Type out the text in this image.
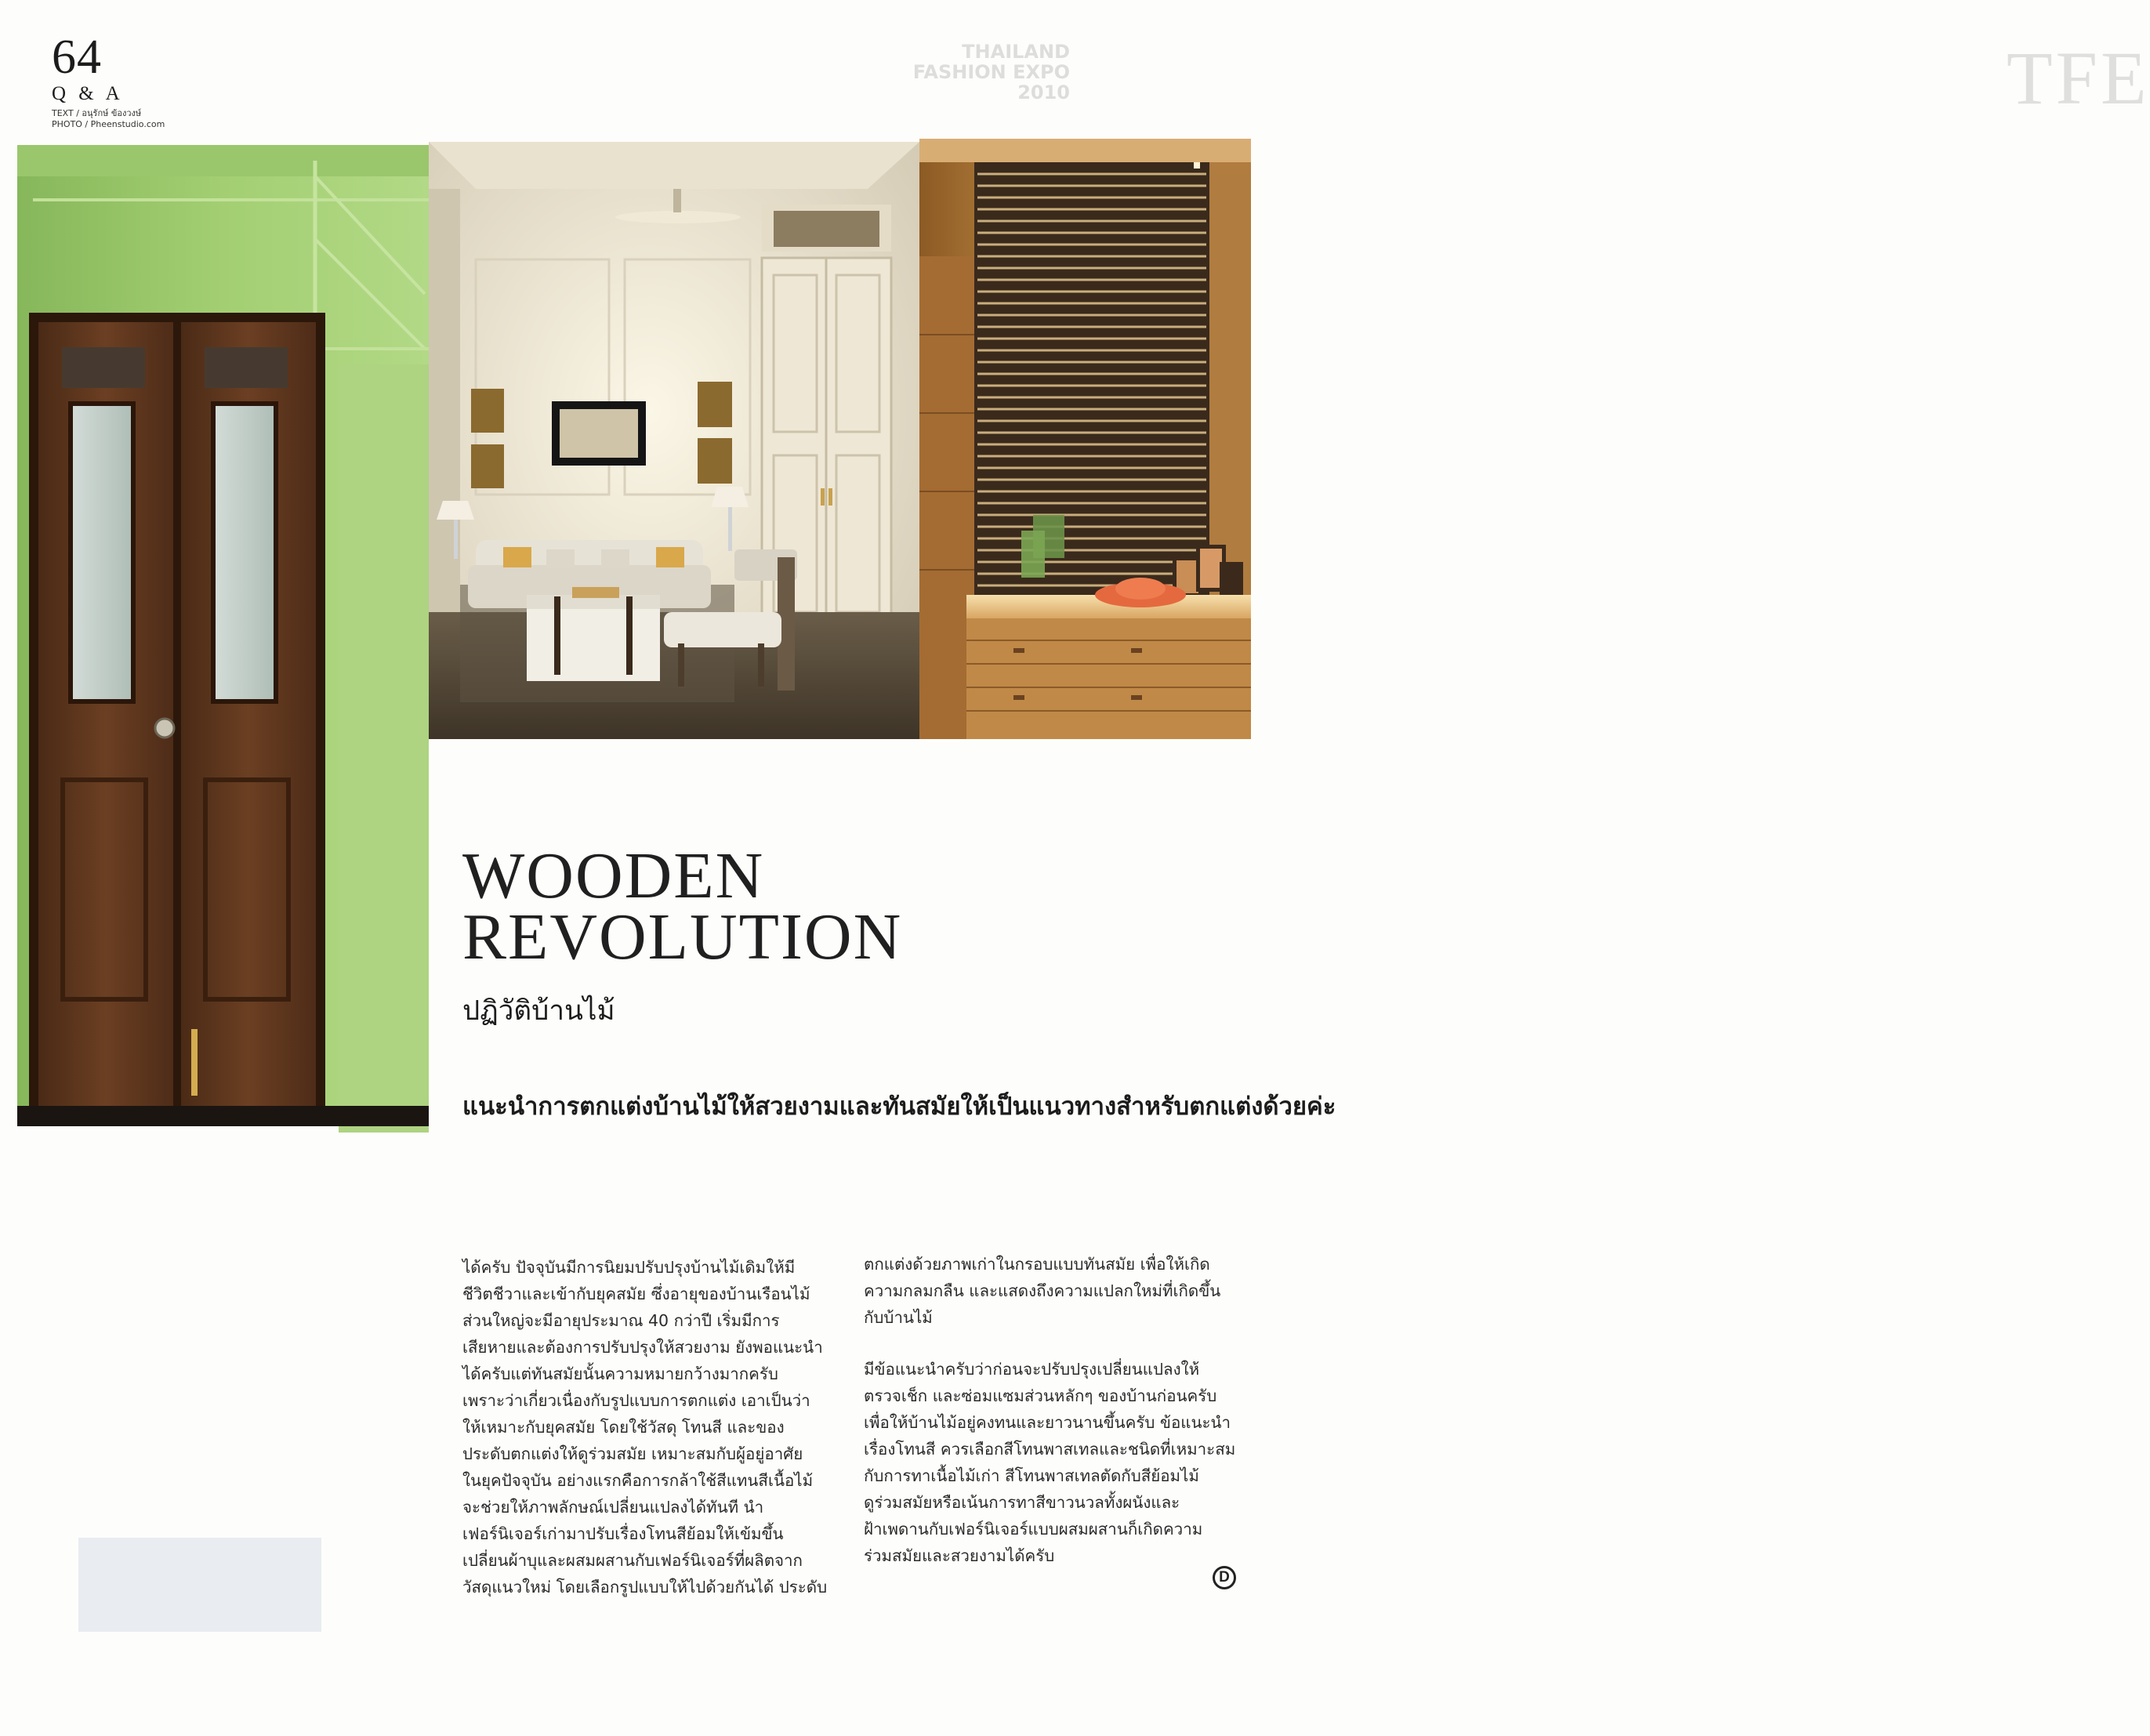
64
Q & A
TEXT / อนุรักษ์ ข้องวงษ์
PHOTO / Pheenstudio.com
TFE
THAILAND
FASHION EXPO
2010
WOODEN
REVOLUTION
ปฏิวัติบ้านไม้
แนะนำการตกแต่งบ้านไม้ให้สวยงามและทันสมัยให้เป็นแนวทางสำหรับตกแต่งด้วยค่ะ
ได้ครับ ปัจจุบันมีการนิยมปรับปรุงบ้านไม้เดิมให้มี
ชีวิตชีวาและเข้ากับยุคสมัย ซึ่งอายุของบ้านเรือนไม้
ส่วนใหญ่จะมีอายุประมาณ 40 กว่าปี เริ่มมีการ
เสียหายและต้องการปรับปรุงให้สวยงาม ยังพอแนะนำ
ได้ครับแต่ทันสมัยนั้นความหมายกว้างมากครับ
เพราะว่าเกี่ยวเนื่องกับรูปแบบการตกแต่ง เอาเป็นว่า
ให้เหมาะกับยุคสมัย โดยใช้วัสดุ โทนสี และของ
ประดับตกแต่งให้ดูร่วมสมัย เหมาะสมกับผู้อยู่อาศัย
ในยุคปัจจุบัน อย่างแรกคือการกล้าใช้สีแทนสีเนื้อไม้
จะช่วยให้ภาพลักษณ์เปลี่ยนแปลงได้ทันที นำ
เฟอร์นิเจอร์เก่ามาปรับเรื่องโทนสีย้อมให้เข้มขึ้น
เปลี่ยนผ้าบุและผสมผสานกับเฟอร์นิเจอร์ที่ผลิตจาก
วัสดุแนวใหม่ โดยเลือกรูปแบบให้ไปด้วยกันได้ ประดับ
ตกแต่งด้วยภาพเก่าในกรอบแบบทันสมัย เพื่อให้เกิด
ความกลมกลืน และแสดงถึงความแปลกใหม่ที่เกิดขึ้น
กับบ้านไม้
มีข้อแนะนำครับว่าก่อนจะปรับปรุงเปลี่ยนแปลงให้
ตรวจเช็ก และซ่อมแซมส่วนหลักๆ ของบ้านก่อนครับ
เพื่อให้บ้านไม้อยู่คงทนและยาวนานขึ้นครับ ข้อแนะนำ
เรื่องโทนสี ควรเลือกสีโทนพาสเทลและชนิดที่เหมาะสม
กับการทาเนื้อไม้เก่า สีโทนพาสเทลตัดกับสีย้อมไม้
ดูร่วมสมัยหรือเน้นการทาสีขาวนวลทั้งผนังและ
ฝ้าเพดานกับเฟอร์นิเจอร์แบบผสมผสานก็เกิดความ
ร่วมสมัยและสวยงามได้ครับ
D
